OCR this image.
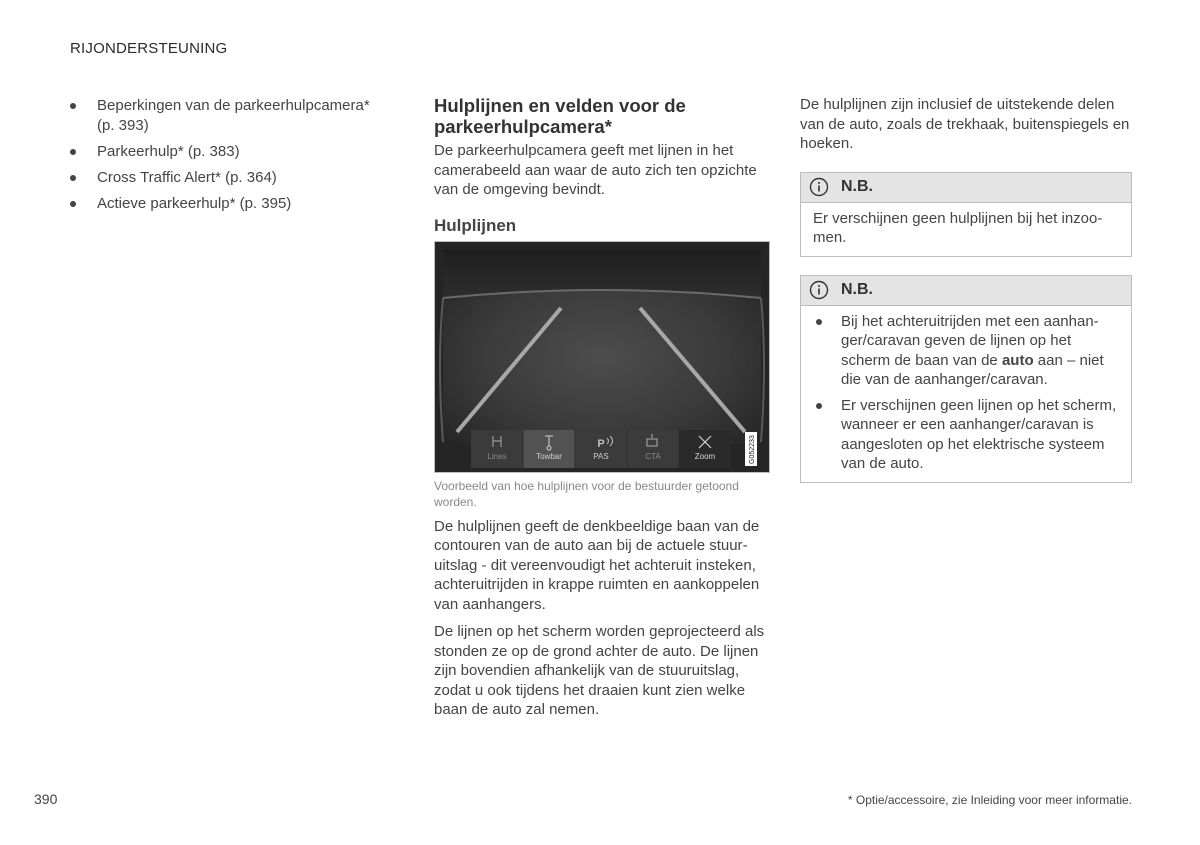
RIJONDERSTEUNING
Beperkingen van de parkeerhulpcamera* (p. 393)
Parkeerhulp* (p. 383)
Cross Traffic Alert* (p. 364)
Actieve parkeerhulp* (p. 395)
Hulplijnen en velden voor de parkeerhulpcamera*

De parkeerhulpcamera geeft met lijnen in het camerabeeld aan waar de auto zich ten opzichte van de omgeving bevindt.

Hulplijnen
P
Lines	Towbar	PAS	CTA	Zoom	G052233
Voorbeeld van hoe hulplijnen voor de bestuurder getoond worden.

De hulplijnen geeft de denkbeeldige baan van de contouren van de auto aan bij de actuele stuuruitslag - dit vereenvoudigt het achteruit insteken, achteruitrijden in krappe ruimten en aankoppelen van aanhangers.

De lijnen op het scherm worden geprojecteerd als stonden ze op de grond achter de auto. De lijnen zijn bovendien afhankelijk van de stuuruitslag, zodat u ook tijdens het draaien kunt zien welke baan de auto zal nemen.

De hulplijnen zijn inclusief de uitstekende delen van de auto, zoals de trekhaak, buitenspiegels en hoeken.

N.B.
Er verschijnen geen hulplijnen bij het inzoomen.
N.B.
Bij het achteruitrijden met een aanhanger/caravan geven de lijnen op het scherm de baan van de auto aan – niet die van de aanhanger/caravan.
Er verschijnen geen lijnen op het scherm, wanneer er een aanhanger/caravan is aangesloten op het elektrische systeem van de auto.
390	* Optie/accessoire, zie Inleiding voor meer informatie.
